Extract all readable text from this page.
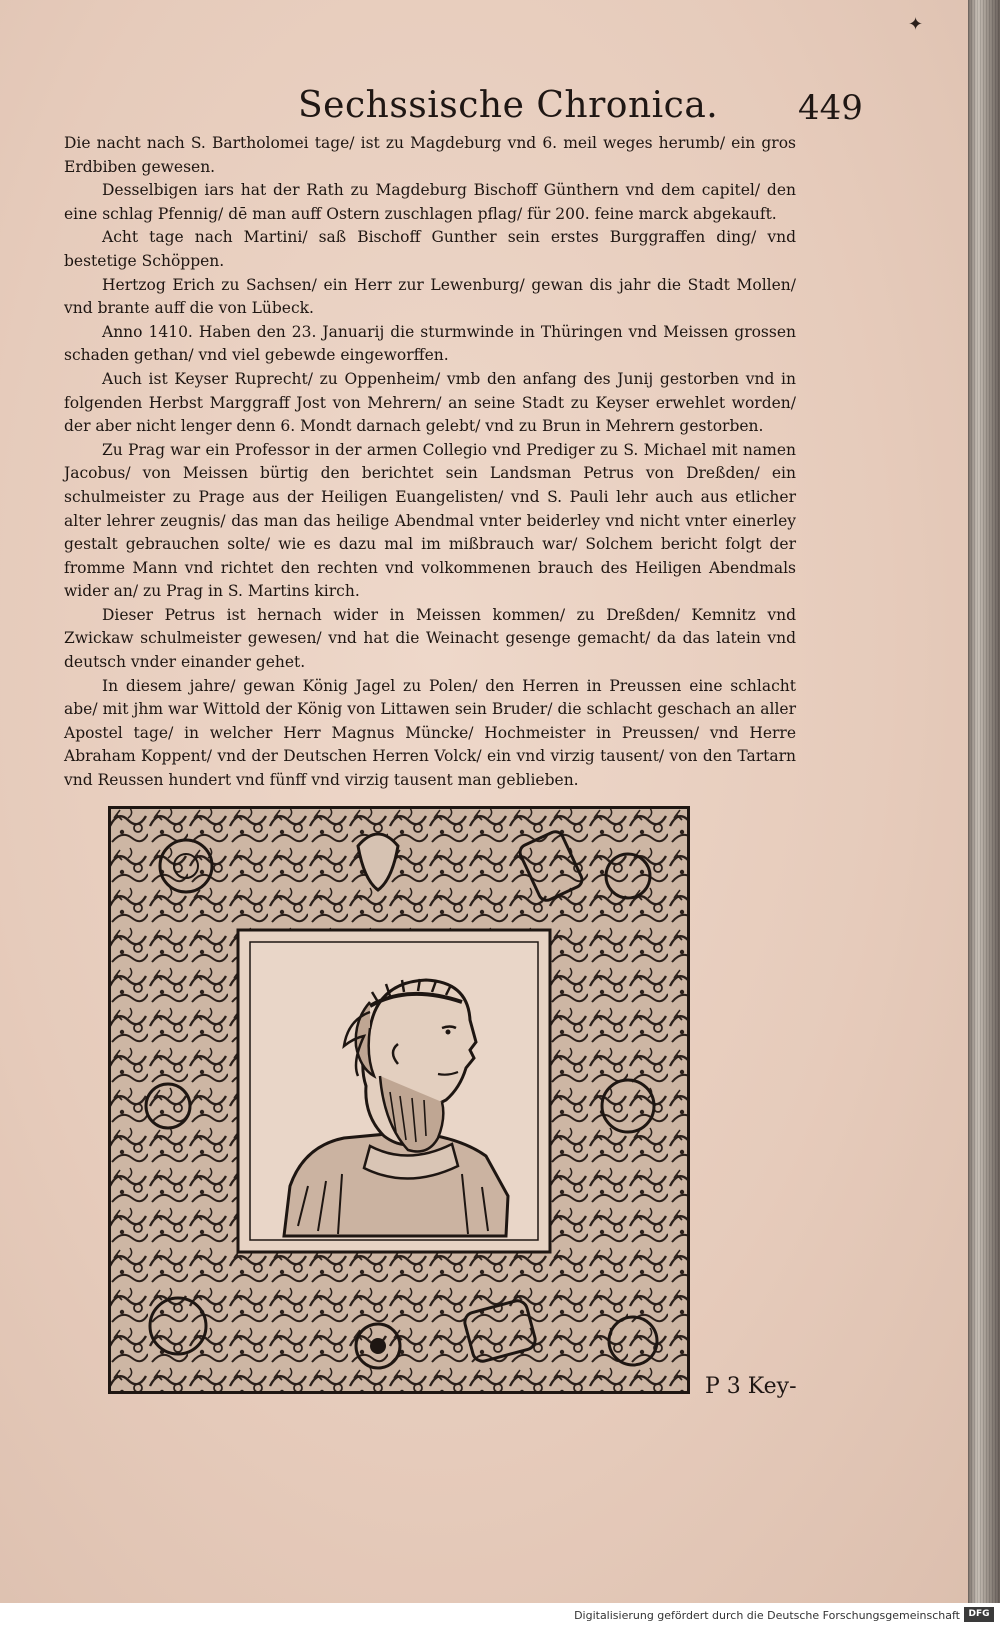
✦
Sechssische Chronica. 449

Die nacht nach S. Bartholomei tage/ ist zu Magdeburg vnd 6. meil weges herumb/ ein gros Erdbiben gewesen.

Desselbigen iars hat der Rath zu Magdeburg Bischoff Günthern vnd dem capitel/ den eine schlag Pfennig/ dē man auff Ostern zuschlagen pflag/ für 200. feine marck abgekauft.

Acht tage nach Martini/ saß Bischoff Gunther sein erstes Burggraffen ding/ vnd bestetige Schöppen.

Hertzog Erich zu Sachsen/ ein Herr zur Lewenburg/ gewan dis jahr die Stadt Mollen/ vnd brante auff die von Lübeck.

Anno 1410. Haben den 23. Januarij die sturmwinde in Thüringen vnd Meissen grossen schaden gethan/ vnd viel gebewde eingeworffen.

Auch ist Keyser Ruprecht/ zu Oppenheim/ vmb den anfang des Junij gestorben vnd in folgenden Herbst Marggraff Jost von Mehrern/ an seine Stadt zu Keyser erwehlet worden/ der aber nicht lenger denn 6. Mondt darnach gelebt/ vnd zu Brun in Mehrern gestorben.

Zu Prag war ein Professor in der armen Collegio vnd Prediger zu S. Michael mit namen Jacobus/ von Meissen bürtig den berichtet sein Landsman Petrus von Dreßden/ ein schulmeister zu Prage aus der Heiligen Euangelisten/ vnd S. Pauli lehr auch aus etlicher alter lehrer zeugnis/ das man das heilige Abendmal vnter beiderley vnd nicht vnter einerley gestalt gebrauchen solte/ wie es dazu mal im mißbrauch war/ Solchem bericht folgt der fromme Mann vnd richtet den rechten vnd volkommenen brauch des Heiligen Abendmals wider an/ zu Prag in S. Martins kirch.

Dieser Petrus ist hernach wider in Meissen kommen/ zu Dreßden/ Kemnitz vnd Zwickaw schulmeister gewesen/ vnd hat die Weinacht gesenge gemacht/ da das latein vnd deutsch vnder einander gehet.

In diesem jahre/ gewan König Jagel zu Polen/ den Herren in Preussen eine schlacht abe/ mit jhm war Wittold der König von Littawen sein Bruder/ die schlacht geschach an aller Apostel tage/ in welcher Herr Magnus Müncke/ Hochmeister in Preussen/ vnd Herre Abraham Koppent/ vnd der Deutschen Herren Volck/ ein vnd virzig tausent/ von den Tartarn vnd Reussen hundert vnd fünff vnd virzig tausent man geblieben.

P 3 Key-
Digitalisierung gefördert durch die Deutsche Forschungsgemeinschaft DFG
